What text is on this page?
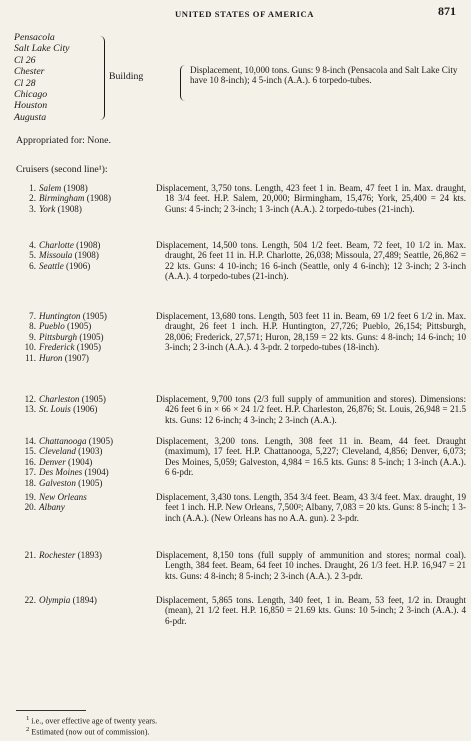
UNITED STATES OF AMERICA	871
Pensacola
Salt Lake City
Cl 26
Chester
Cl 28
Chicago
Houston
Augusta
Building
Displacement, 10,000 tons. Guns: 9 8-inch (Pensacola and Salt Lake City have 10 8-inch); 4 5-inch (A.A.). 6 torpedo-tubes.
Appropriated for: None.
Cruisers (second line¹):
1. Salem (1908)
2. Birmingham (1908)
3. York (1908)
Displacement, 3,750 tons. Length, 423 feet 1 in. Beam, 47 feet 1 in. Max. draught, 18 3/4 feet. H.P. Salem, 20,000; Birmingham, 15,476; York, 25,400 = 24 kts. Guns: 4 5-inch; 2 3-inch; 1 3-inch (A.A.). 2 torpedo-tubes (21-inch).
4. Charlotte (1908)
5. Missoula (1908)
6. Seattle (1906)
Displacement, 14,500 tons. Length, 504 1/2 feet. Beam, 72 feet, 10 1/2 in. Max. draught, 26 feet 11 in. H.P. Charlotte, 26,038; Missoula, 27,489; Seattle, 26,862 = 22 kts. Guns: 4 10-inch; 16 6-inch (Seattle, only 4 6-inch); 12 3-inch; 2 3-inch (A.A.). 4 torpedo-tubes (21-inch).
7. Huntington (1905)
8. Pueblo (1905)
9. Pittsburgh (1905)
10. Frederick (1905)
11. Huron (1907)
Displacement, 13,680 tons. Length, 503 feet 11 in. Beam, 69 1/2 feet 6 1/2 in. Max. draught, 26 feet 1 inch. H.P. Huntington, 27,726; Pueblo, 26,154; Pittsburgh, 28,006; Frederick, 27,571; Huron, 28,159 = 22 kts. Guns: 4 8-inch; 14 6-inch; 10 3-inch; 2 3-inch (A.A.). 4 3-pdr. 2 torpedo-tubes (18-inch).
12. Charleston (1905)
13. St. Louis (1906)
Displacement, 9,700 tons (2/3 full supply of ammunition and stores). Dimensions: 426 feet 6 in × 66 × 24 1/2 feet. H.P. Charleston, 26,876; St. Louis, 26,948 = 21.5 kts. Guns: 12 6-inch; 4 3-inch; 2 3-inch (A.A.).
14. Chattanooga (1905)
15. Cleveland (1903)
16. Denver (1904)
17. Des Moines (1904)
18. Galveston (1905)
Displacement, 3,200 tons. Length, 308 feet 11 in. Beam, 44 feet. Draught (maximum), 17 feet. H.P. Chattanooga, 5,227; Cleveland, 4,856; Denver, 6,073; Des Moines, 5,059; Galveston, 4,984 = 16.5 kts. Guns: 8 5-inch; 1 3-inch (A.A.). 6 6-pdr.
19. New Orleans
20. Albany
Displacement, 3,430 tons. Length, 354 3/4 feet. Beam, 43 3/4 feet. Max. draught, 19 feet 1 inch. H.P. New Orleans, 7,500²; Albany, 7,083 = 20 kts. Guns: 8 5-inch; 1 3-inch (A.A.). (New Orleans has no A.A. gun). 2 3-pdr.
21. Rochester (1893)	Displacement, 8,150 tons (full supply of ammunition and stores; normal coal). Length, 384 feet. Beam, 64 feet 10 inches. Draught, 26 1/3 feet. H.P. 16,947 = 21 kts. Guns: 4 8-inch; 8 5-inch; 2 3-inch (A.A.). 2 3-pdr.
22. Olympia (1894)	Displacement, 5,865 tons. Length, 340 feet, 1 in. Beam, 53 feet, 1/2 in. Draught (mean), 21 1/2 feet. H.P. 16,850 = 21.69 kts. Guns: 10 5-inch; 2 3-inch (A.A.). 4 6-pdr.
$^1$ i.e., over effective age of twenty years.
$^2$ Estimated (now out of commission).
